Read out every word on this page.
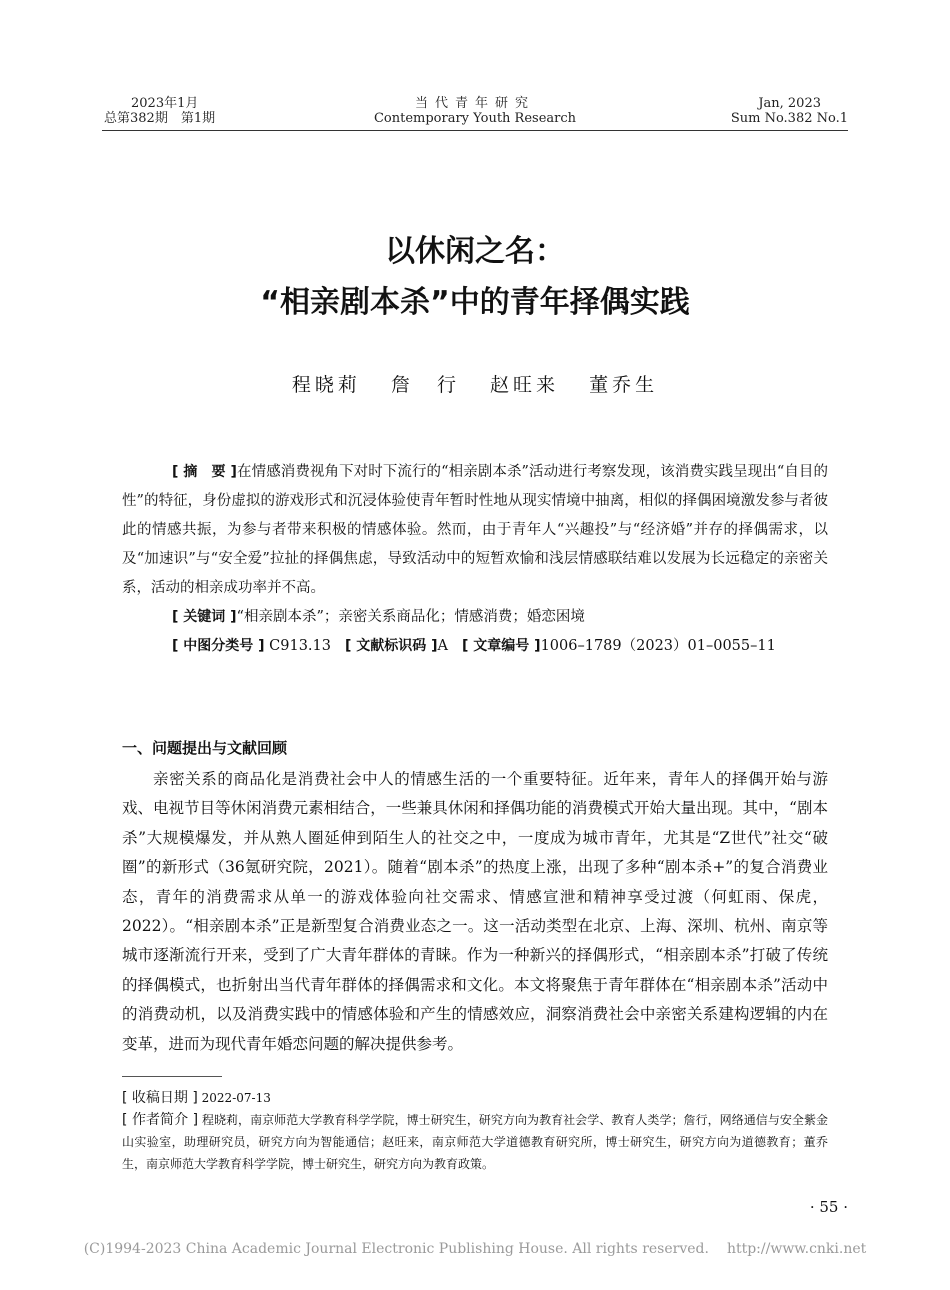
2023年1月
总第382期　第1期
当代青年研究
Contemporary Youth Research
Jan, 2023
Sum No.382 No.1
以休闲之名：
“相亲剧本杀”中的青年择偶实践
程晓莉 詹　行 赵旺来 董乔生

[ 摘　要 ]在情感消费视角下对时下流行的“相亲剧本杀”活动进行考察发现，该消费实践呈现出“自目的性”的特征，身份虚拟的游戏形式和沉浸体验使青年暂时性地从现实情境中抽离，相似的择偶困境激发参与者彼此的情感共振，为参与者带来积极的情感体验。然而，由于青年人“兴趣投”与“经济婚”并存的择偶需求，以及“加速识”与“安全爱”拉扯的择偶焦虑，导致活动中的短暂欢愉和浅层情感联结难以发展为长远稳定的亲密关系，活动的相亲成功率并不高。

[ 关键词 ]“相亲剧本杀”；亲密关系商品化；情感消费；婚恋困境

[ 中图分类号 ] C913.13 [ 文献标识码 ]A [ 文章编号 ]1006–1789（2023）01–0055–11

一、问题提出与文献回顾

亲密关系的商品化是消费社会中人的情感生活的一个重要特征。近年来，青年人的择偶开始与游戏、电视节目等休闲消费元素相结合，一些兼具休闲和择偶功能的消费模式开始大量出现。其中，“剧本杀”大规模爆发，并从熟人圈延伸到陌生人的社交之中，一度成为城市青年，尤其是“Z世代”社交“破圈”的新形式（36氪研究院，2021）。随着“剧本杀”的热度上涨，出现了多种“剧本杀+”的复合消费业态，青年的消费需求从单一的游戏体验向社交需求、情感宣泄和精神享受过渡（何虹雨、保虎，2022）。“相亲剧本杀”正是新型复合消费业态之一。这一活动类型在北京、上海、深圳、杭州、南京等城市逐渐流行开来，受到了广大青年群体的青睐。作为一种新兴的择偶形式，“相亲剧本杀”打破了传统的择偶模式，也折射出当代青年群体的择偶需求和文化。本文将聚焦于青年群体在“相亲剧本杀”活动中的消费动机，以及消费实践中的情感体验和产生的情感效应，洞察消费社会中亲密关系建构逻辑的内在变革，进而为现代青年婚恋问题的解决提供参考。

[ 收稿日期 ] 2022-07-13

[ 作者简介 ] 程晓莉，南京师范大学教育科学学院，博士研究生，研究方向为教育社会学、教育人类学；詹行，网络通信与安全紫金山实验室，助理研究员，研究方向为智能通信；赵旺来，南京师范大学道德教育研究所，博士研究生，研究方向为道德教育；董乔生，南京师范大学教育科学学院，博士研究生，研究方向为教育政策。

· 55 ·
(C)1994-2023 China Academic Journal Electronic Publishing House. All rights reserved. http://www.cnki.net
